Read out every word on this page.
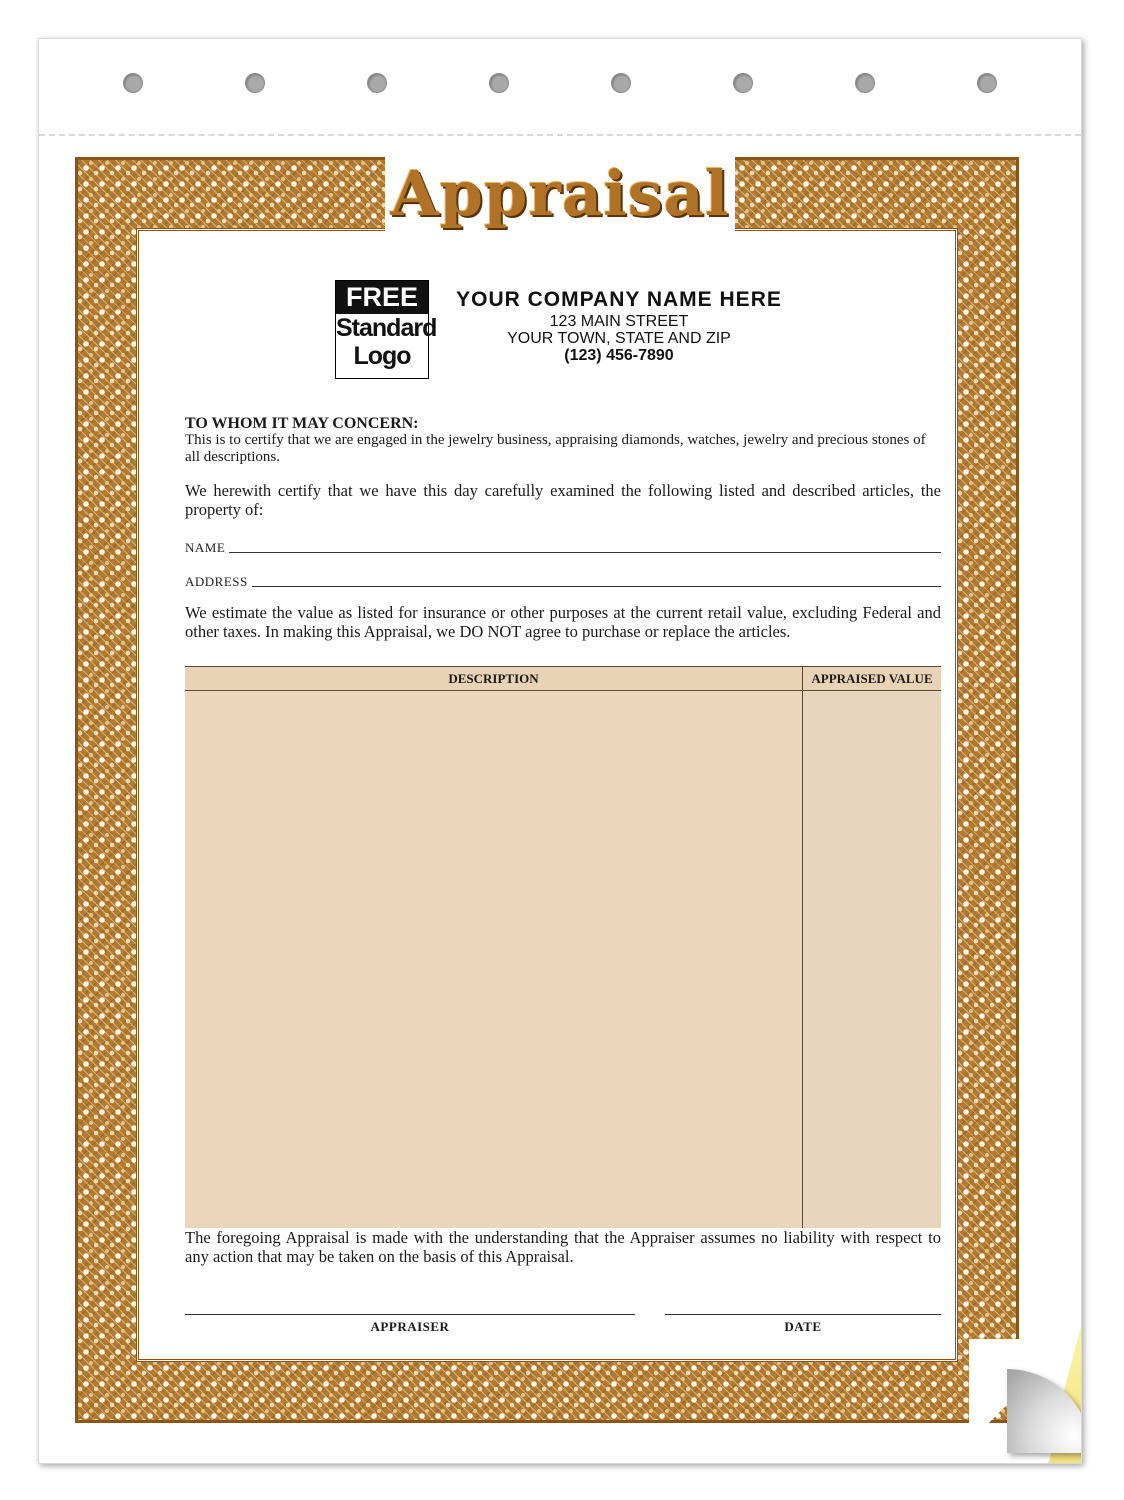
Appraisal
FREE
Standard
Logo
YOUR COMPANY NAME HERE
123 MAIN STREET
YOUR TOWN, STATE AND ZIP
(123) 456-7890
TO WHOM IT MAY CONCERN:
This is to certify that we are engaged in the jewelry business, appraising diamonds, watches, jewelry and precious stones of all descriptions.
We herewith certify that we have this day carefully examined the following listed and described articles, the property of:
NAME
ADDRESS
We estimate the value as listed for insurance or other purposes at the current retail value, excluding Federal and other taxes. In making this Appraisal, we DO NOT agree to purchase or replace the articles.
DESCRIPTION	APPRAISED VALUE
The foregoing Appraisal is made with the understanding that the Appraiser assumes no liability with respect to any action that may be taken on the basis of this Appraisal.
APPRAISER	DATE
